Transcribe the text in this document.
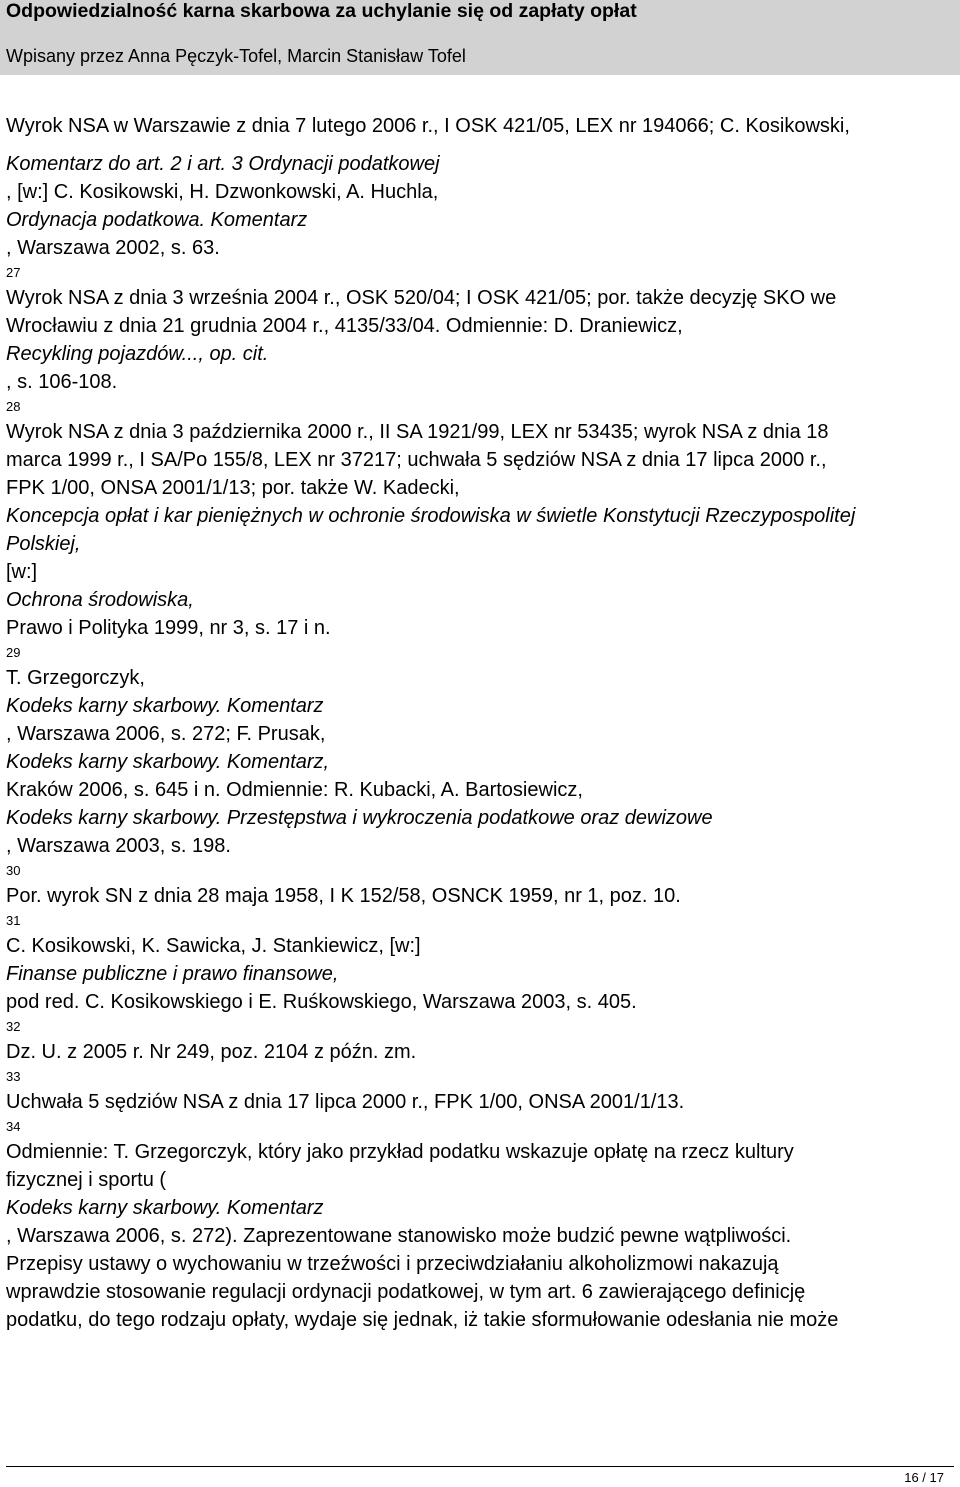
Odpowiedzialność karna skarbowa za uchylanie się od zapłaty opłat
Wpisany przez Anna Pęczyk-Tofel, Marcin Stanisław Tofel
Wyrok NSA w Warszawie z dnia 7 lutego 2006 r., I OSK 421/05, LEX nr 194066; C. Kosikowski,
Komentarz do art. 2 i art. 3 Ordynacji podatkowej
, [w:] C. Kosikowski, H. Dzwonkowski, A. Huchla,
Ordynacja podatkowa. Komentarz
, Warszawa 2002, s. 63.
27
Wyrok NSA z dnia 3 września 2004 r., OSK 520/04; I OSK 421/05; por. także decyzję SKO we
Wrocławiu z dnia 21 grudnia 2004 r., 4135/33/04. Odmiennie: D. Draniewicz,
Recykling pojazdów..., op. cit.
, s. 106-108.
28
Wyrok NSA z dnia 3 października 2000 r., II SA 1921/99, LEX nr 53435; wyrok NSA z dnia 18
marca 1999 r., I SA/Po 155/8, LEX nr 37217; uchwała 5 sędziów NSA z dnia 17 lipca 2000 r.,
FPK 1/00, ONSA 2001/1/13; por. także W. Kadecki,
Koncepcja opłat i kar pieniężnych w ochronie środowiska w świetle Konstytucji Rzeczypospolitej
Polskiej,
[w:]
Ochrona środowiska,
Prawo i Polityka 1999, nr 3, s. 17 i n.
29
T. Grzegorczyk,
Kodeks karny skarbowy. Komentarz
, Warszawa 2006, s. 272; F. Prusak,
Kodeks karny skarbowy. Komentarz,
Kraków 2006, s. 645 i n. Odmiennie: R. Kubacki, A. Bartosiewicz,
Kodeks karny skarbowy. Przestępstwa i wykroczenia podatkowe oraz dewizowe
, Warszawa 2003, s. 198.
30
Por. wyrok SN z dnia 28 maja 1958, I K 152/58, OSNCK 1959, nr 1, poz. 10.
31
C. Kosikowski, K. Sawicka, J. Stankiewicz, [w:]
Finanse publiczne i prawo finansowe,
pod red. C. Kosikowskiego i E. Ruśkowskiego, Warszawa 2003, s. 405.
32
Dz. U. z 2005 r. Nr 249, poz. 2104 z późn. zm.
33
Uchwała 5 sędziów NSA z dnia 17 lipca 2000 r., FPK 1/00, ONSA 2001/1/13.
34
Odmiennie: T. Grzegorczyk, który jako przykład podatku wskazuje opłatę na rzecz kultury
fizycznej i sportu (
Kodeks karny skarbowy. Komentarz
, Warszawa 2006, s. 272). Zaprezentowane stanowisko może budzić pewne wątpliwości.
Przepisy ustawy o wychowaniu w trzeźwości i przeciwdziałaniu alkoholizmowi nakazują
wprawdzie stosowanie regulacji ordynacji podatkowej, w tym art. 6 zawierającego definicję
podatku, do tego rodzaju opłaty, wydaje się jednak, iż takie sformułowanie odesłania nie może
16 / 17
